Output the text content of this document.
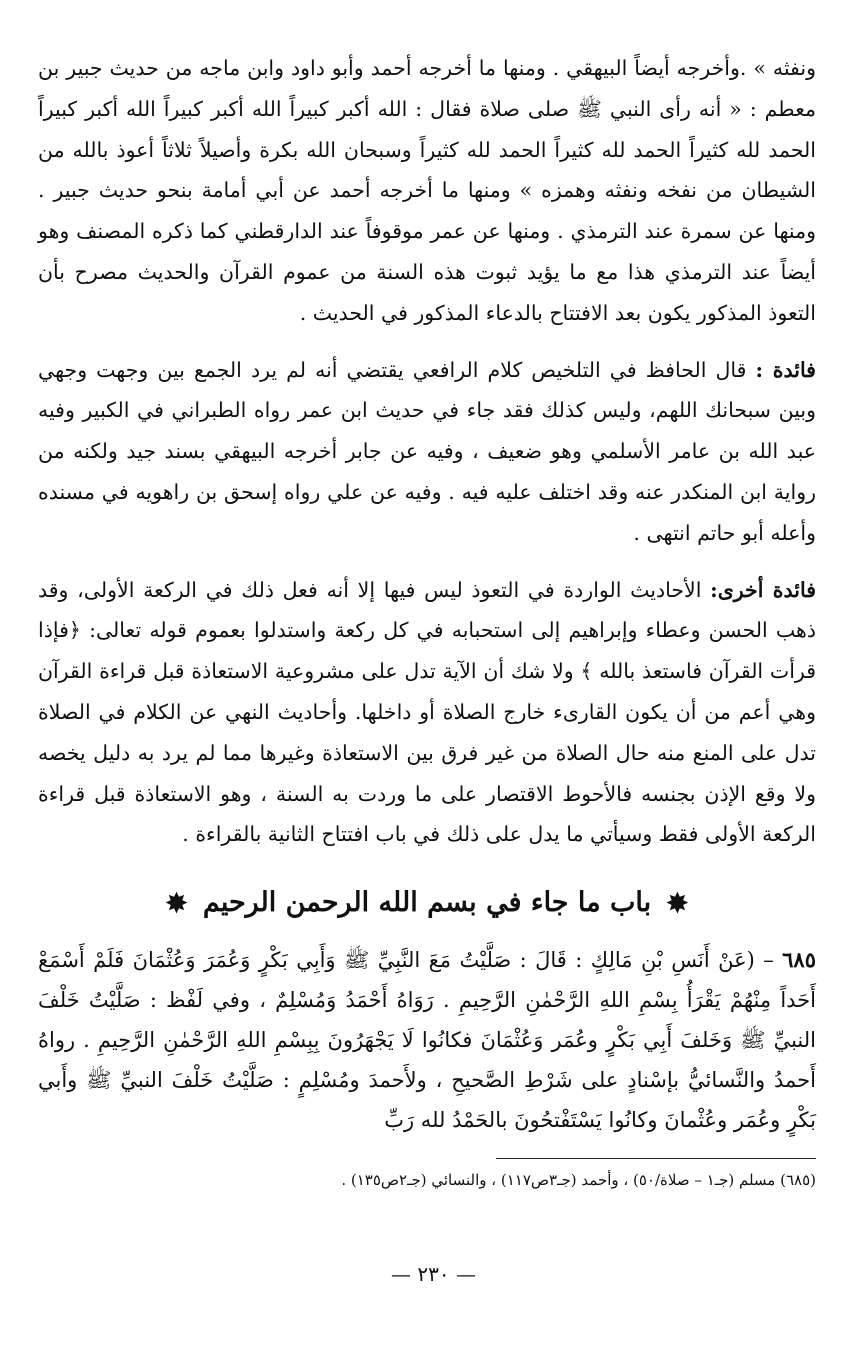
ونفثه » .وأخرجه أيضاً البيهقي . ومنها ما أخرجه أحمد وأبو داود وابن ماجه من حديث جبير بن معطم : « أنه رأى النبي ﷺ صلى صلاة فقال : الله أكبر كبيراً الله أكبر كبيراً الله أكبر كبيراً الحمد لله كثيراً الحمد لله كثيراً الحمد لله كثيراً وسبحان الله بكرة وأصيلاً ثلاثاً أعوذ بالله من الشيطان من نفخه ونفثه وهمزه » ومنها ما أخرجه أحمد عن أبي أمامة بنحو حديث جبير . ومنها عن سمرة عند الترمذي . ومنها عن عمر موقوفاً عند الدارقطني كما ذكره المصنف وهو أيضاً عند الترمذي هذا مع ما يؤيد ثبوت هذه السنة من عموم القرآن والحديث مصرح بأن التعوذ المذكور يكون بعد الافتتاح بالدعاء المذكور في الحديث .

فائدة : قال الحافظ في التلخيص كلام الرافعي يقتضي أنه لم يرد الجمع بين وجهت وجهي وبين سبحانك اللهم، وليس كذلك فقد جاء في حديث ابن عمر رواه الطبراني في الكبير وفيه عبد الله بن عامر الأسلمي وهو ضعيف ، وفيه عن جابر أخرجه البيهقي بسند جيد ولكنه من رواية ابن المنكدر عنه وقد اختلف عليه فيه . وفيه عن علي رواه إسحق بن راهويه في مسنده وأعله أبو حاتم انتهى .

فائدة أخرى: الأحاديث الواردة في التعوذ ليس فيها إلا أنه فعل ذلك في الركعة الأولى، وقد ذهب الحسن وعطاء وإبراهيم إلى استحبابه في كل ركعة واستدلوا بعموم قوله تعالى: ﴿فإذا قرأت القرآن فاستعذ بالله ﴾ ولا شك أن الآية تدل على مشروعية الاستعاذة قبل قراءة القرآن وهي أعم من أن يكون القارىء خارج الصلاة أو داخلها. وأحاديث النهي عن الكلام في الصلاة تدل على المنع منه حال الصلاة من غير فرق بين الاستعاذة وغيرها مما لم يرد به دليل يخصه ولا وقع الإذن بجنسه فالأحوط الاقتصار على ما وردت به السنة ، وهو الاستعاذة قبل قراءة الركعة الأولى فقط وسيأتي ما يدل على ذلك في باب افتتاح الثانية بالقراءة .

✸ باب ما جاء في بسم الله الرحمن الرحيم ✸

٦٨٥ – (عَنْ أَنَسِ بْنِ مَالِكٍ : قَالَ : صَلَّيْتُ مَعَ النَّبِيِّ ﷺ وَأَبِي بَكْرٍ وَعُمَرَ وَعُثْمَانَ فَلَمْ أَسْمَعْ أَحَداً مِنْهُمْ يَقْرَأُ بِسْمِ اللهِ الرَّحْمٰنِ الرَّحِيمِ . رَوَاهُ أَحْمَدُ وَمُسْلِمٌ ، وفي لَفْظ : صَلَّيْتُ خَلْفَ النبيِّ ﷺ وَخَلفَ أَبِي بَكْرٍ وعُمَر وَعُثْمَانَ فكانُوا لَا يَجْهَرُونَ بِبِسْمِ اللهِ الرَّحْمٰنِ الرَّحِيمِ . رواهُ أَحمدُ والنَّسائيُّ بإسْنادٍ على شَرْطِ الصَّحيحِ ، ولأَحمدَ ومُسْلِمٍ : صَلَّيْتُ خَلْفَ النبيِّ ﷺ وأَبي بَكْرٍ وعُمَر وعُثْمانَ وكانُوا يَسْتَفْتحُونَ بالحَمْدُ لله رَبِّ

(٦٨٥) مسلم (جـ١ – صلاة/٥٠) ، وأحمد (جـ٣ص١١٧) ، والنسائي (جـ٢ص١٣٥) .

— ٢٣٠ —
